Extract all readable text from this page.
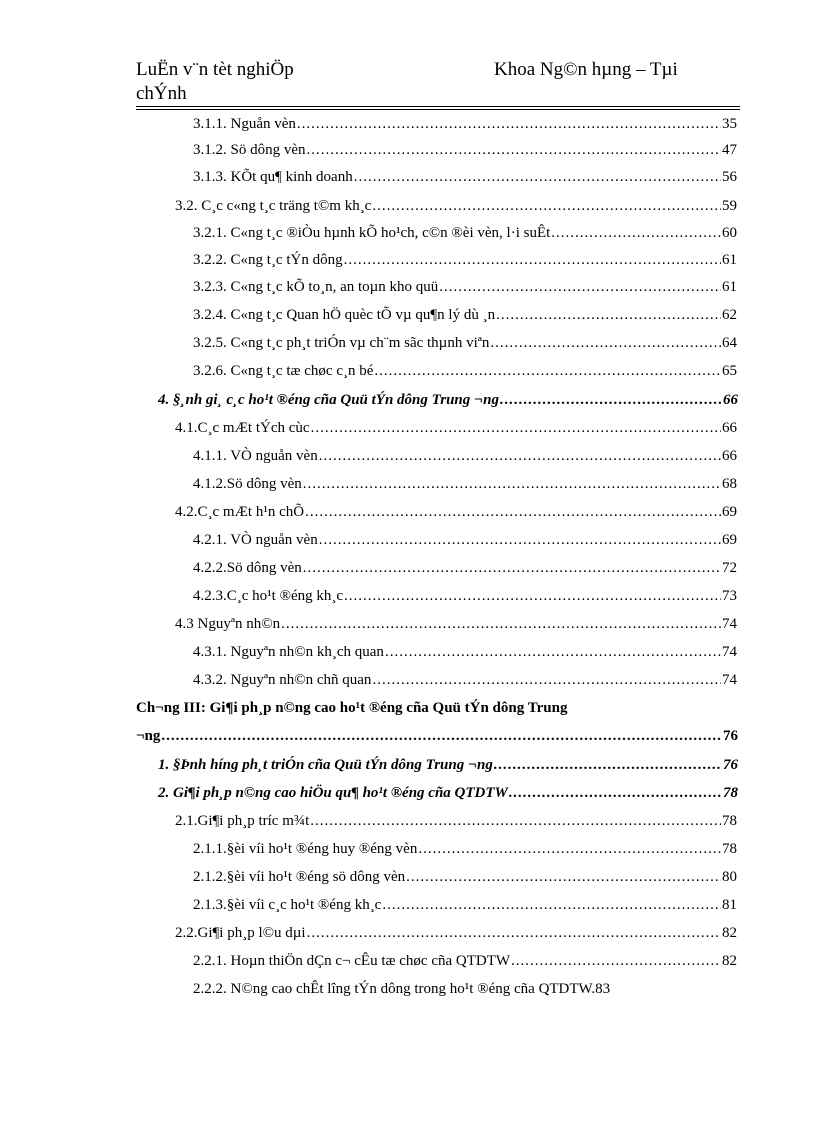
LuËn v¨n tèt nghiÖp
chÝnh
Khoa Ng©n hµng – Tµi
3.1.1. Nguån vèn .....	35
3.1.2. Sö dông vèn .....	47
3.1.3. KÕt qu¶ kinh doanh .....	56
3.2. C¸c c«ng t¸c träng t©m kh¸c .....	59
3.2.1. C«ng t¸c ®iÒu hµnh kÕ ho¹ch, c©n ®èi vèn, l·i suÊt .....	60
3.2.2. C«ng t¸c tÝn dông .....	61
3.2.3. C«ng t¸c kÕ to¸n, an toµn kho quü .....	61
3.2.4. C«ng t¸c Quan hÖ quèc tÕ vµ qu¶n lý dù ¸n .....	62
3.2.5. C«ng t¸c ph¸t triÓn vµ ch¨m sãc thµnh viªn .....	64
3.2.6. C«ng t¸c tæ chøc c¸n bé .....	65
4. §¸nh gi¸ c¸c ho¹t ®éng cña Quü tÝn dông Trung ¬ng .....	66
4.1.C¸c mÆt tÝch cùc .....	66
4.1.1. VÒ nguån vèn .....	66
4.1.2.Sö dông vèn .....	68
4.2.C¸c mÆt h¹n chÕ .....	69
4.2.1. VÒ nguån vèn .....	69
4.2.2.Sö dông vèn .....	72
4.2.3.C¸c ho¹t ®éng kh¸c .....	73
4.3 Nguyªn nh©n .....	74
4.3.1. Nguyªn nh©n kh¸ch quan .....	74
4.3.2. Nguyªn nh©n chñ quan .....	74
Ch¬ng III: Gi¶i ph¸p n©ng cao ho¹t ®éng cña Quü tÝn dông Trung
¬ng .....	76
1. §Þnh híng ph¸t triÓn cña Quü tÝn dông Trung ¬ng .....	76
2. Gi¶i ph¸p n©ng cao hiÖu qu¶ ho¹t ®éng cña QTDTW .....	78
2.1.Gi¶i ph¸p tríc m¾t .....	78
2.1.1.§èi víi ho¹t ®éng huy ®éng vèn .....	78
2.1.2.§èi víi ho¹t ®éng sö dông vèn .....	80
2.1.3.§èi víi c¸c ho¹t ®éng kh¸c .....	81
2.2.Gi¶i ph¸p l©u dµi .....	82
2.2.1. Hoµn thiÖn dÇn c¬ cÊu tæ chøc cña QTDTW .....	82
2.2.2. N©ng cao chÊt lîng tÝn dông trong ho¹t ®éng cña QTDTW. 83
